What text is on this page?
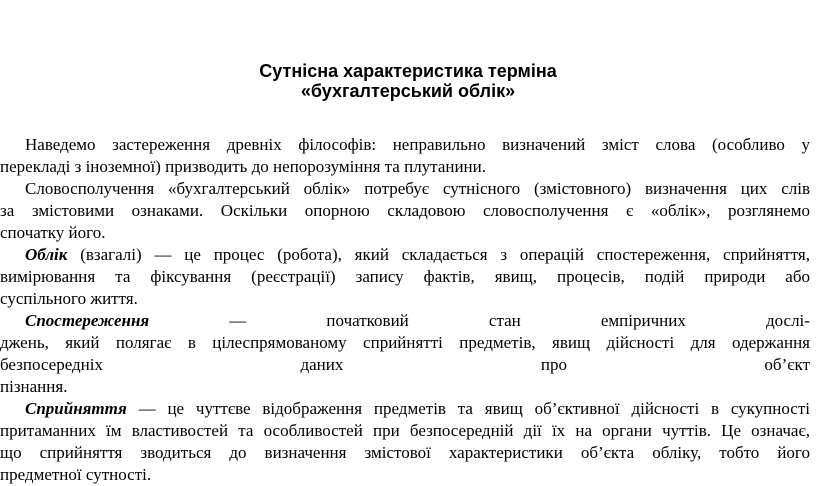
Сутнісна характеристика терміна
«бухгалтерський облік»
Наведемо застереження древніх філософів: неправильно визначений зміст слова (особливо у
перекладі з іноземної) призводить до непорозуміння та плутанини.
Словосполучення «бухгалтерський облік» потребує сутнісного (змістовного) визначення цих слів
за змістовими ознаками. Оскільки опорною складовою словосполучення є «облік», розглянемо
спочатку його.
Облік (взагалі) — це процес (робота), який складається з операцій спостереження, сприйняття,
вимірювання та фіксування (реєстрації) запису фактів, явищ, процесів, подій природи або
суспільного життя.
Спостереження	—	початковий	стан	емпіричних	дослі-
джень, який полягає в цілеспрямованому сприйнятті предметів, явищ дійсності для одержання
безпосередніх	даних	про	об’єкт
пізнання.
Сприйняття — це чуттєве відображення предметів та явищ об’єктивної дійсності в сукупності
притаманних їм властивостей та особливостей при безпосередній дії їх на органи чуттів. Це означає,
що сприйняття зводиться до визначення змістової характеристики об’єкта обліку, тобто його
предметної сутності.
